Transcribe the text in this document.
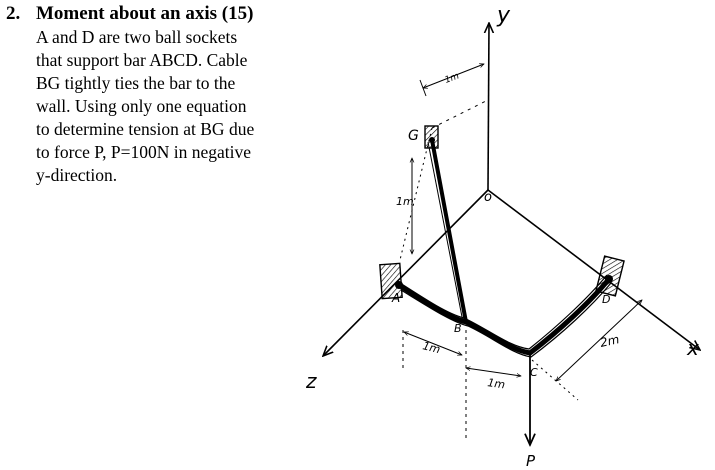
2. Moment about an axis (15)
A and D are two ball sockets
that support bar ABCD. Cable
BG tightly ties the bar to the
wall. Using only one equation
to determine tension at BG due
to force P, P=100N in negative
y-direction.
y
x
z
o
1m
1m
A
B
C
D
G
P
1m
1m
2m
